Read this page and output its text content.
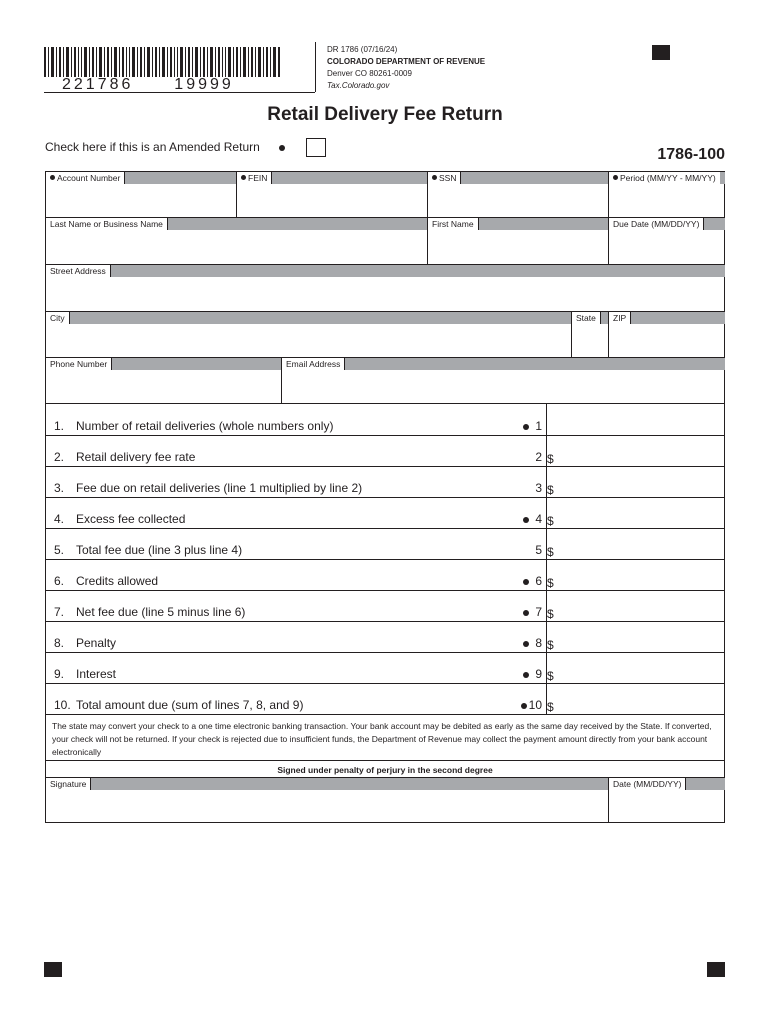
221786	19999
DR 1786 (07/16/24)
COLORADO DEPARTMENT OF REVENUE
Denver CO 80261-0009
Tax.Colorado.gov
Retail Delivery Fee Return
Check here if this is an Amended Return	1786-100
Account Number	FEIN	SSN	Period (MM/YY - MM/YY)
Last Name or Business Name	First Name	Due Date (MM/DD/YY)
Street Address
City	State	ZIP
Phone Number	Email Address
1. Number of retail deliveries (whole numbers only)	1
2. Retail delivery fee rate	2 $
3. Fee due on retail deliveries (line 1 multiplied by line 2)	3 $
4. Excess fee collected	4 $
5. Total fee due (line 3 plus line 4)	5 $
6. Credits allowed	6 $
7. Net fee due (line 5 minus line 6)	7 $
8. Penalty	8 $
9. Interest	9 $
10. Total amount due (sum of lines 7, 8, and 9)	10 $
The state may convert your check to a one time electronic banking transaction. Your bank account may be debited as early as the same day received by the State. If converted, your check will not be returned. If your check is rejected due to insufficient funds, the Department of Revenue may collect the payment amount directly from your bank account electronically
Signed under penalty of perjury in the second degree
Signature	Date (MM/DD/YY)
